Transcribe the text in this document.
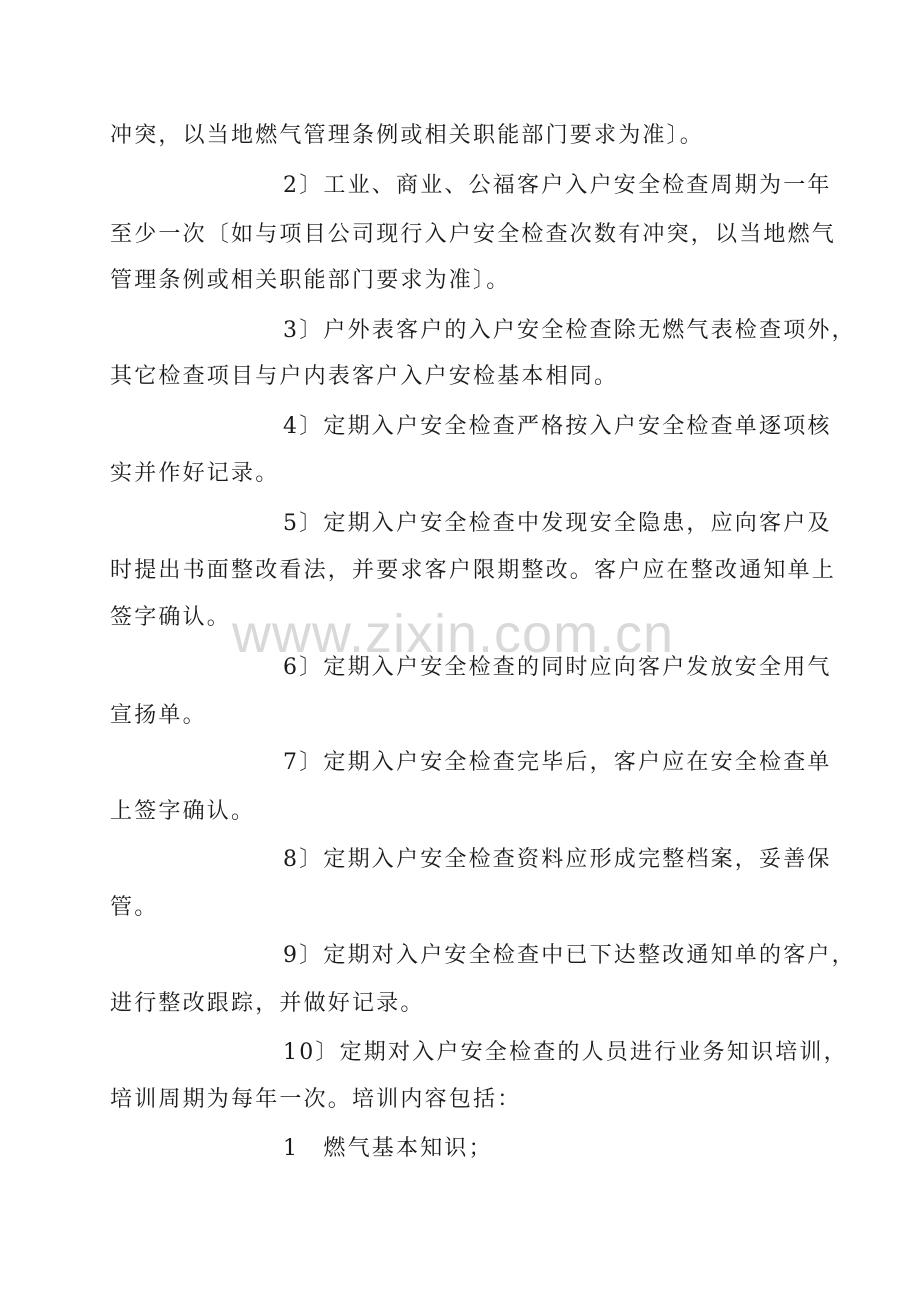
冲突，以当地燃气管理条例或相关职能部门要求为准〕。
2〕工业、商业、公福客户入户安全检查周期为一年
至少一次〔如与项目公司现行入户安全检查次数有冲突，以当地燃气
管理条例或相关职能部门要求为准〕。
3〕户外表客户的入户安全检查除无燃气表检查项外，
其它检查项目与户内表客户入户安检基本相同。
4〕定期入户安全检查严格按入户安全检查单逐项核
实并作好记录。
5〕定期入户安全检查中发现安全隐患，应向客户及
时提出书面整改看法，并要求客户限期整改。客户应在整改通知单上
签字确认。
6〕定期入户安全检查的同时应向客户发放安全用气
宣扬单。
7〕定期入户安全检查完毕后，客户应在安全检查单
上签字确认。
8〕定期入户安全检查资料应形成完整档案，妥善保
管。
9〕定期对入户安全检查中已下达整改通知单的客户，
进行整改跟踪，并做好记录。
10〕定期对入户安全检查的人员进行业务知识培训，
培训周期为每年一次。培训内容包括：
1　燃气基本知识；
www.zixin.com.cn
